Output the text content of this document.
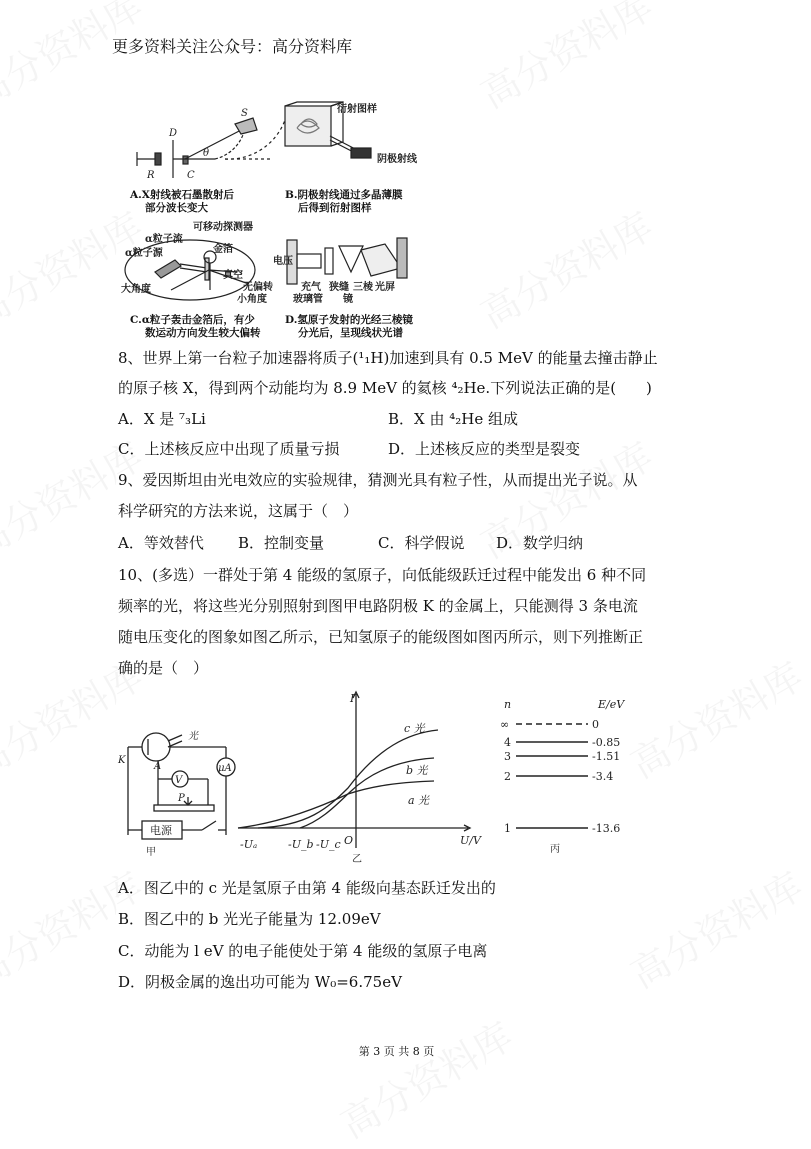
更多资料关注公众号：高分资料库
D
R	C
S
θ
衍射图样
阴极射线
可移动探测器
α粒子流
α粒子源	金箔
真空
大角度	无偏转
小角度
电压
充气
玻璃管
狭缝 三棱
镜
光屏
A.X射线被石墨散射后
部分波长变大
B.阴极射线通过多晶薄膜
后得到衍射图样
C.α粒子轰击金箔后，有少
数运动方向发生较大偏转
D.氢原子发射的光经三棱镜
分光后，呈现线状光谱
8、世界上第一台粒子加速器将质子(¹₁H)加速到具有 0.5 MeV 的能量去撞击静止
的原子核 X，得到两个动能均为 8.9 MeV 的氦核 ⁴₂He.下列说法正确的是(　　)
A．X 是 ⁷₃Li	B．X 由 ⁴₂He 组成
C．上述核反应中出现了质量亏损	D．上述核反应的类型是裂变
9、爱因斯坦由光电效应的实验规律，猜测光具有粒子性，从而提出光子说。从
科学研究的方法来说，这属于（　）
A．等效替代 B．控制变量	C．科学假说 D．数学归纳
10、(多选）一群处于第 4 能级的氢原子，向低能级跃迁过程中能发出 6 种不同
频率的光，将这些光分别照射到图甲电路阴极 K 的金属上，只能测得 3 条电流
随电压变化的图象如图乙所示，已知氢原子的能级图如图丙所示，则下列推断正
确的是（　）
光
K
A
V
μA
P
电源
甲
I
U/V
O
-Uₐ	-U_b -U_c
c 光
b 光
a 光
乙
n	E/eV
∞	0
4	-0.85
3	-1.51
2	-3.4
1	-13.6
丙
A．图乙中的 c 光是氢原子由第 4 能级向基态跃迁发出的
B．图乙中的 b 光光子能量为 12.09eV
C．动能为 l eV 的电子能使处于第 4 能级的氢原子电离
D．阴极金属的逸出功可能为 W₀=6.75eV
第 3 页 共 8 页
